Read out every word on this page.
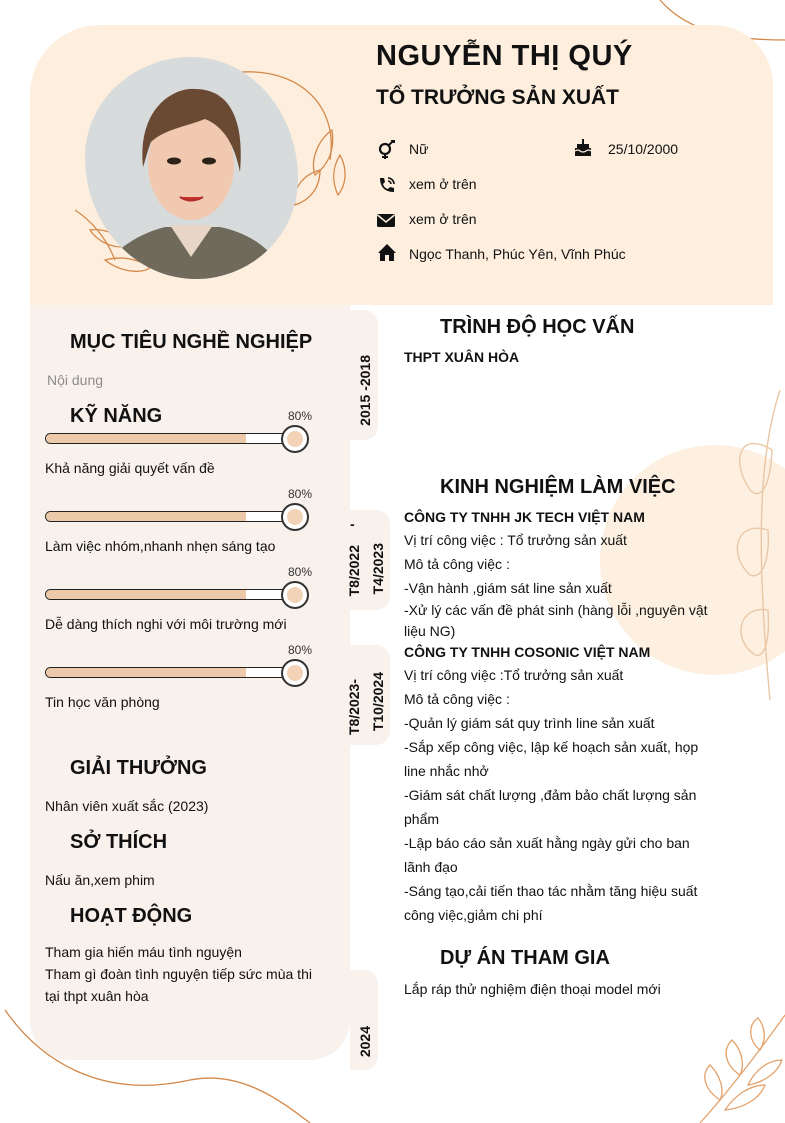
NGUYỄN THỊ QUÝ
TỔ TRƯỞNG SẢN XUẤT
Nữ	25/10/2000
xem ở trên
xem ở trên
Ngọc Thanh, Phúc Yên, Vĩnh Phúc
MỤC TIÊU NGHỀ NGHIỆP
Nội dung
KỸ NĂNG	80%
Khả năng giải quyết vấn đề
80%
Làm việc nhóm,nhanh nhẹn sáng tạo
80%
Dễ dàng thích nghi với môi trường mới
80%
Tin học văn phòng
GIẢI THƯỞNG
Nhân viên xuất sắc (2023)
SỞ THÍCH
Nấu ăn,xem phim
HOẠT ĐỘNG
Tham gia hiến máu tình nguyện
Tham gì đoàn tình nguyện tiếp sức mùa thi
tại thpt xuân hòa
2015 -2018
-
T8/2022 T4/2023
T8/2023- T10/2024
2024
TRÌNH ĐỘ HỌC VẤN
THPT XUÂN HÒA
KINH NGHIỆM LÀM VIỆC
CÔNG TY TNHH JK TECH VIỆT NAM
Vị trí công việc : Tổ trưởng sản xuất
Mô tả công việc :
-Vận hành ,giám sát line sản xuất
-Xử lý các vấn đề phát sinh (hàng lỗi ,nguyên vật
liệu NG)
CÔNG TY TNHH COSONIC VIỆT NAM
Vị trí công việc :Tổ trưởng sản xuất
Mô tả công việc :
-Quản lý giám sát quy trình line sản xuất
-Sắp xếp công việc, lập kế hoạch sản xuất, họp
line nhắc nhở
-Giám sát chất lượng ,đảm bảo chất lượng sản
phẩm
-Lập báo cáo sản xuất hằng ngày gửi cho ban
lãnh đạo
-Sáng tạo,cải tiến thao tác nhằm tăng hiệu suất
công việc,giảm chi phí
DỰ ÁN THAM GIA
Lắp ráp thử nghiệm điện thoại model mới
